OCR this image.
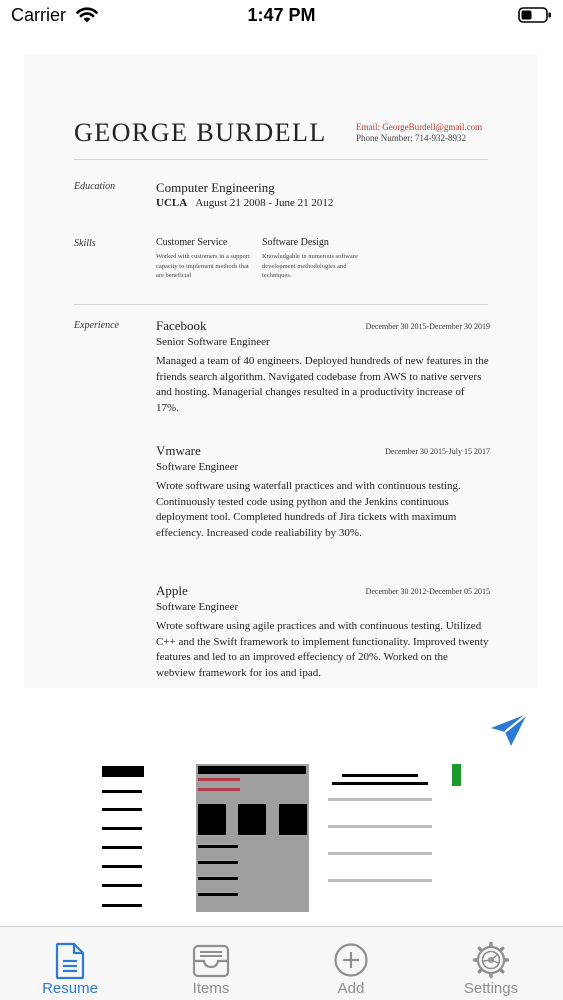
Carrier	1:47 PM
GEORGE BURDELL	Email: GeorgeBurdell@gmail.com
Phone Number: 714-932-8932
Education	Computer Engineering
UCLA August 21 2008 - June 21 2012
Skills	Customer Service
Worked with customers in a support capacity to implement methods that are beneficial
Software Design
Knowledgable in numerous software development methodologies and techniques.
Experience	Facebook	December 30 2015-December 30 2019
Senior Software Engineer
Managed a team of 40 engineers. Deployed hundreds of new features in the friends search algorithm. Navigated codebase from AWS to native servers and hosting. Managerial changes resulted in a productivity increase of 17%.
Vmware	December 30 2015-July 15 2017
Software Engineer
Wrote software using waterfall practices and with continuous testing. Continuously tested code using python and the Jenkins continuous deployment tool. Completed hundreds of Jira tickets with maximum effeciency. Increased code realiability by 30%.
Apple	December 30 2012-December 05 2015
Software Engineer
Wrote software using agile practices and with continuous testing. Utilized C++ and the Swift framework to implement functionality. Improved twenty features and led to an improved effeciency of 20%. Worked on the webview framework for ios and ipad.
Resume	Items	Add	Settings
